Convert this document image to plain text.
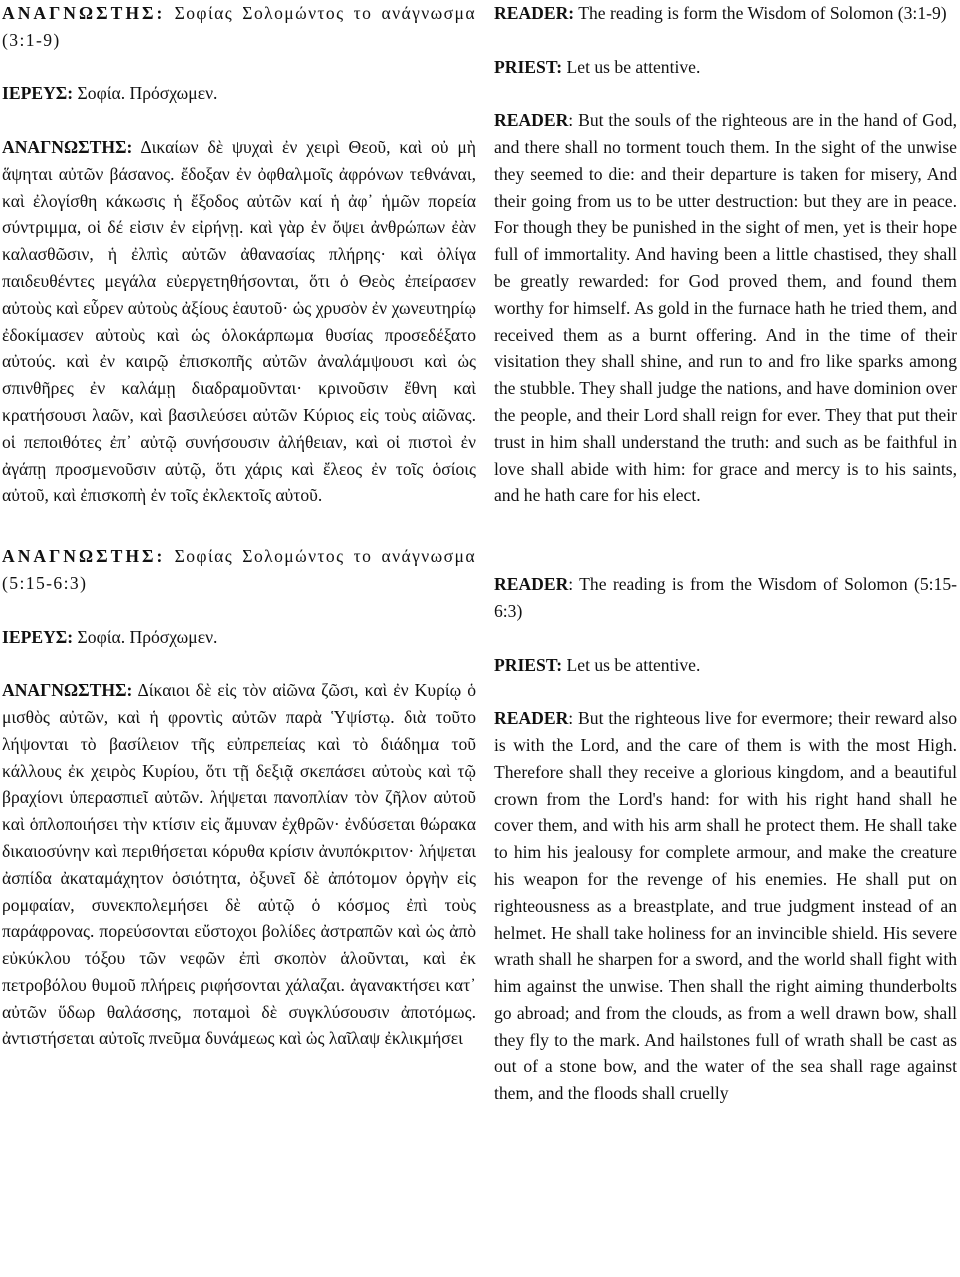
ΑΝΑΓΝΩΣΤΗΣ: Σοφίας Σολομώντος το ανάγνωσμα (3:1-9)

ΙΕΡΕΥΣ: Σοφία. Πρόσχωμεν.

ΑΝΑΓΝΩΣΤΗΣ: Δικαίων δὲ ψυχαὶ ἐν χειρὶ Θεοῦ, καὶ οὐ μὴ ἅψηται αὐτῶν βάσανος. ἔδοξαν ἐν ὀφθαλμοῖς ἀφρόνων τεθνάναι, καὶ ἐλογίσθη κάκωσις ἡ ἔξοδος αὐτῶν καί ἡ ἀφ᾿ ἡμῶν πορεία σύντριμμα, οἱ δέ εἰσιν ἐν εἰρήνῃ. καὶ γὰρ ἐν ὄψει ἀνθρώπων ἐὰν καλασθῶσιν, ἡ ἐλπὶς αὐτῶν ἀθανασίας πλήρης· καὶ ὀλίγα παιδευθέντες μεγάλα εὐεργετηθήσονται, ὅτι ὁ Θεὸς ἐπείρασεν αὐτοὺς καὶ εὗρεν αὐτοὺς ἀξίους ἑαυτοῦ· ὡς χρυσὸν ἐν χωνευτηρίῳ ἐδοκίμασεν αὐτοὺς καὶ ὡς ὁλοκάρπωμα θυσίας προσεδέξατο αὐτούς. καὶ ἐν καιρῷ ἐπισκοπῆς αὐτῶν ἀναλάμψουσι καὶ ὡς σπινθῆρες ἐν καλάμῃ διαδραμοῦνται· κρινοῦσιν ἔθνη καὶ κρατήσουσι λαῶν, καὶ βασιλεύσει αὐτῶν Κύριος εἰς τοὺς αἰῶνας. οἱ πεποιθότες ἐπ᾿ αὐτῷ συνήσουσιν ἀλήθειαν, καὶ οἱ πιστοὶ ἐν ἀγάπῃ προσμενοῦσιν αὐτῷ, ὅτι χάρις καὶ ἔλεος ἐν τοῖς ὁσίοις αὐτοῦ, καὶ ἐπισκοπὴ ἐν τοῖς ἐκλεκτοῖς αὐτοῦ.

ΑΝΑΓΝΩΣΤΗΣ: Σοφίας Σολομώντος το ανάγνωσμα (5:15-6:3)

ΙΕΡΕΥΣ: Σοφία. Πρόσχωμεν.

ΑΝΑΓΝΩΣΤΗΣ: Δίκαιοι δὲ εἰς τὸν αἰῶνα ζῶσι, καὶ ἐν Κυρίῳ ὁ μισθὸς αὐτῶν, καὶ ἡ φροντὶς αὐτῶν παρὰ Ὑψίστῳ. διὰ τοῦτο λήψονται τὸ βασίλειον τῆς εὐπρεπείας καὶ τὸ διάδημα τοῦ κάλλους ἐκ χειρὸς Κυρίου, ὅτι τῇ δεξιᾷ σκεπάσει αὐτοὺς καὶ τῷ βραχίονι ὑπερασπιεῖ αὐτῶν. λήψεται πανοπλίαν τὸν ζῆλον αὐτοῦ καὶ ὁπλοποιήσει τὴν κτίσιν εἰς ἄμυναν ἐχθρῶν· ἐνδύσεται θώρακα δικαιοσύνην καὶ περιθήσεται κόρυθα κρίσιν ἀνυπόκριτον· λήψεται ἀσπίδα ἀκαταμάχητον ὁσιότητα, ὀξυνεῖ δὲ ἀπότομον ὀργὴν εἰς ρομφαίαν, συνεκπολεμήσει δὲ αὐτῷ ὁ κόσμος ἐπὶ τοὺς παράφρονας. πορεύσονται εὔστοχοι βολίδες ἀστραπῶν καὶ ὡς ἀπὸ εὐκύκλου τόξου τῶν νεφῶν ἐπὶ σκοπὸν ἁλοῦνται, καὶ ἐκ πετροβόλου θυμοῦ πλήρεις ριφήσονται χάλαζαι. ἀγανακτήσει κατ᾿ αὐτῶν ὕδωρ θαλάσσης, ποταμοὶ δὲ συγκλύσουσιν ἀποτόμως. ἀντιστήσεται αὐτοῖς πνεῦμα δυνάμεως καὶ ὡς λαῖλαψ ἐκλικμήσει

READER: The reading is form the Wisdom of Solomon (3:1-9)

PRIEST: Let us be attentive.

READER: But the souls of the righteous are in the hand of God, and there shall no torment touch them. In the sight of the unwise they seemed to die: and their departure is taken for misery, And their going from us to be utter destruction: but they are in peace. For though they be punished in the sight of men, yet is their hope full of immortality. And having been a little chastised, they shall be greatly rewarded: for God proved them, and found them worthy for himself. As gold in the furnace hath he tried them, and received them as a burnt offering. And in the time of their visitation they shall shine, and run to and fro like sparks among the stubble. They shall judge the nations, and have dominion over the people, and their Lord shall reign for ever. They that put their trust in him shall understand the truth: and such as be faithful in love shall abide with him: for grace and mercy is to his saints, and he hath care for his elect.

READER: The reading is from the Wisdom of Solomon (5:15-6:3)

PRIEST: Let us be attentive.

READER: But the righteous live for evermore; their reward also is with the Lord, and the care of them is with the most High. Therefore shall they receive a glorious kingdom, and a beautiful crown from the Lord's hand: for with his right hand shall he cover them, and with his arm shall he protect them. He shall take to him his jealousy for complete armour, and make the creature his weapon for the revenge of his enemies. He shall put on righteousness as a breastplate, and true judgment instead of an helmet. He shall take holiness for an invincible shield. His severe wrath shall he sharpen for a sword, and the world shall fight with him against the unwise. Then shall the right aiming thunderbolts go abroad; and from the clouds, as from a well drawn bow, shall they fly to the mark. And hailstones full of wrath shall be cast as out of a stone bow, and the water of the sea shall rage against them, and the floods shall cruelly
